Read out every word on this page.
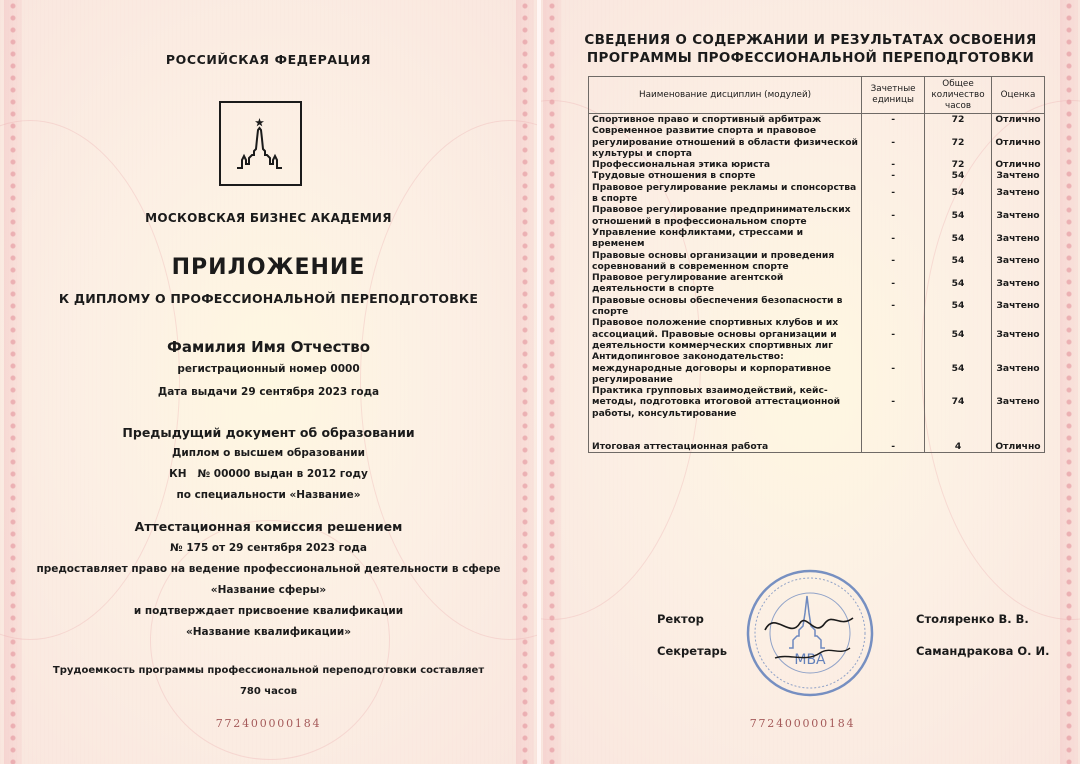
РОССИЙСКАЯ ФЕДЕРАЦИЯ
МОСКОВСКАЯ БИЗНЕС АКАДЕМИЯ
ПРИЛОЖЕНИЕ
К ДИПЛОМУ О ПРОФЕССИОНАЛЬНОЙ ПЕРЕПОДГОТОВКЕ
Фамилия Имя Отчество
регистрационный номер 0000
Дата выдачи 29 сентября 2023 года
Предыдущий документ об образовании
Диплом о высшем образовании
КН   № 00000 выдан в 2012 году
по специальности «Название»
Аттестационная комиссия решением
№ 175 от 29 сентября 2023 года
предоставляет право на ведение профессиональной деятельности в сфере
«Название сферы»
и подтверждает присвоение квалификации
«Название квалификации»
Трудоемкость программы профессиональной переподготовки составляет
780 часов
772400000184
СВЕДЕНИЯ О СОДЕРЖАНИИ И РЕЗУЛЬТАТАХ ОСВОЕНИЯ
ПРОГРАММЫ ПРОФЕССИОНАЛЬНОЙ ПЕРЕПОДГОТОВКИ
Наименование дисциплин (модулей)	Зачетные единицы	Общее количество часов	Оценка
Спортивное право и спортивный арбитраж	-	72	Отлично
Современное развитие спорта и правовое регулирование отношений в области физической культуры и спорта	-	72	Отлично
Профессиональная этика юриста	-	72	Отлично
Трудовые отношения в спорте	-	54	Зачтено
Правовое регулирование рекламы и спонсорства в спорте	-	54	Зачтено
Правовое регулирование предпринимательских отношений в профессиональном спорте	-	54	Зачтено
Управление конфликтами, стрессами и временем	-	54	Зачтено
Правовые основы организации и проведения соревнований в современном спорте	-	54	Зачтено
Правовое регулирование агентской деятельности в спорте	-	54	Зачтено
Правовые основы обеспечения безопасности в спорте	-	54	Зачтено
Правовое положение спортивных клубов и их ассоциаций. Правовые основы организации и деятельности коммерческих спортивных лиг	-	54	Зачтено
Антидопинговое законодательство: международные договоры и корпоративное регулирование	-	54	Зачтено
Практика групповых взаимодействий, кейс-методы, подготовка итоговой аттестационной работы, консультирование	-	74	Зачтено

Итоговая аттестационная работа	-	4	Отлично
MBA
Ректор	Столяренко В. В.
Секретарь	Самандракова О. И.
772400000184
